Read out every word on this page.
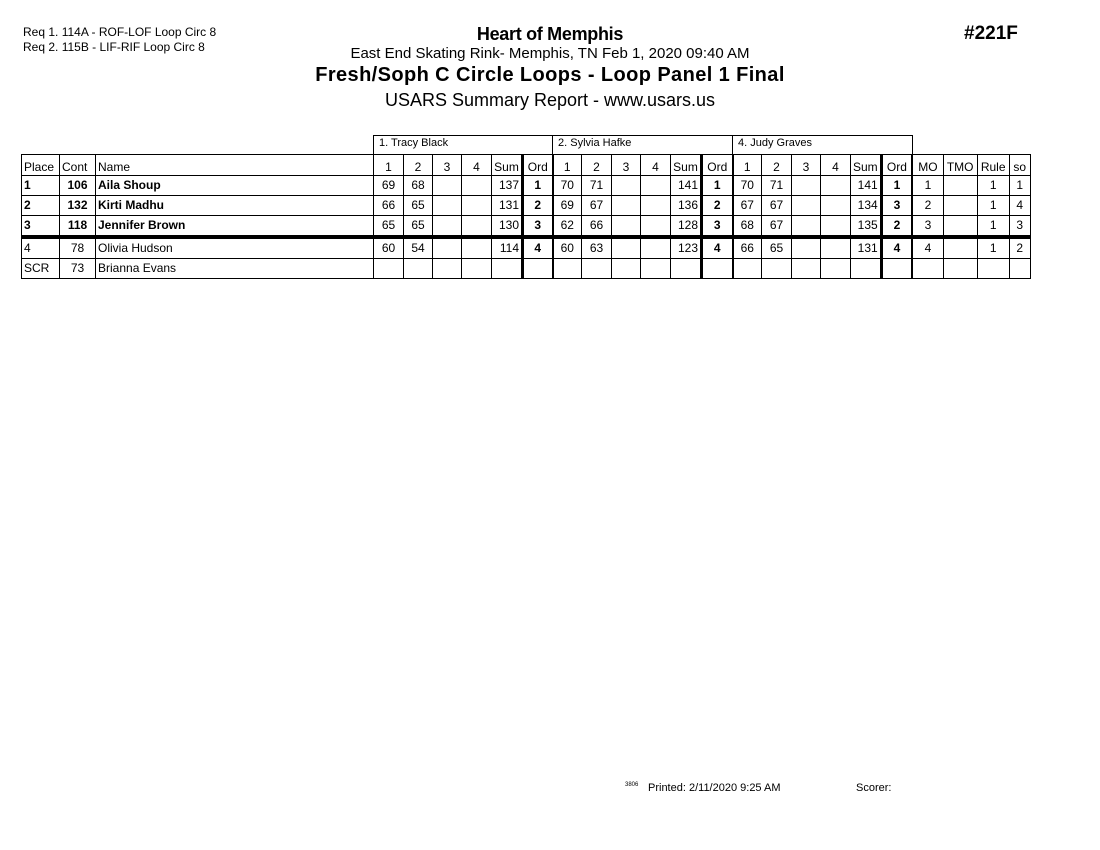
Req 1. 114A - ROF-LOF Loop Circ 8
Req 2. 115B - LIF-RIF Loop Circ 8
Heart of Memphis
East End Skating Rink- Memphis, TN Feb 1, 2020 09:40 AM
Fresh/Soph C Circle Loops - Loop Panel 1 Final
USARS Summary Report - www.usars.us
#221F
			1. Tracy Black						2. Sylvia Hafke						4. Judy Graves									
Place	Cont	Name	1	2	3	4	Sum	Ord	1	2	3	4	Sum	Ord	1	2	3	4	Sum	Ord	MO	TMO	Rule	so
1	106	Aila Shoup	69	68			137	1	70	71			141	1	70	71			141	1	1		1	1
2	132	Kirti Madhu	66	65			131	2	69	67			136	2	67	67			134	3	2		1	4
3	118	Jennifer Brown	65	65			130	3	62	66			128	3	68	67			135	2	3		1	3
4	78	Olivia Hudson	60	54			114	4	60	63			123	4	66	65			131	4	4		1	2
SCR	73	Brianna Evans																						
3806 Printed: 2/11/2020 9:25 AM	Scorer:
